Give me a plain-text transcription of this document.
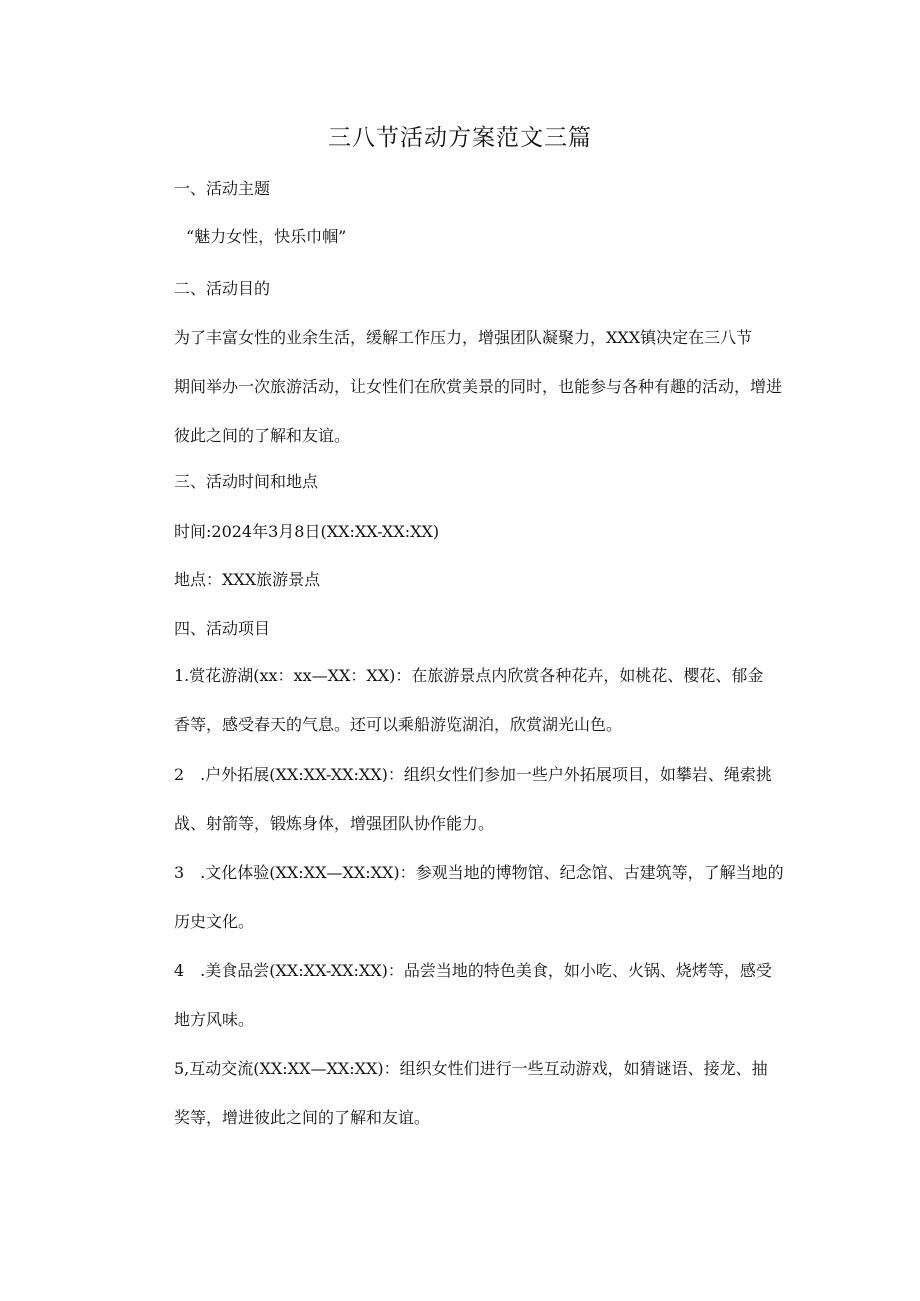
三八节活动方案范文三篇
一、活动主题
“魅力女性，快乐巾帼”
二、活动目的
为了丰富女性的业余生活，缓解工作压力，增强团队凝聚力，XXX镇决定在三八节
期间举办一次旅游活动，让女性们在欣赏美景的同时，也能参与各种有趣的活动，增进
彼此之间的了解和友谊。
三、活动时间和地点
时间:2024年3月8日(XX:XX-XX:XX)
地点：XXX旅游景点
四、活动项目
1.赏花游湖(xx：xx—XX：XX)：在旅游景点内欣赏各种花卉，如桃花、樱花、郁金
香等，感受春天的气息。还可以乘船游览湖泊，欣赏湖光山色。
2　.户外拓展(XX:XX-XX:XX)：组织女性们参加一些户外拓展项目，如攀岩、绳索挑
战、射箭等，锻炼身体，增强团队协作能力。
3　.文化体验(XX:XX—XX:XX)：参观当地的博物馆、纪念馆、古建筑等，了解当地的
历史文化。
4　.美食品尝(XX:XX-XX:XX)：品尝当地的特色美食，如小吃、火锅、烧烤等，感受
地方风味。
5,互动交流(XX:XX—XX:XX)：组织女性们进行一些互动游戏，如猜谜语、接龙、抽
奖等，增进彼此之间的了解和友谊。
